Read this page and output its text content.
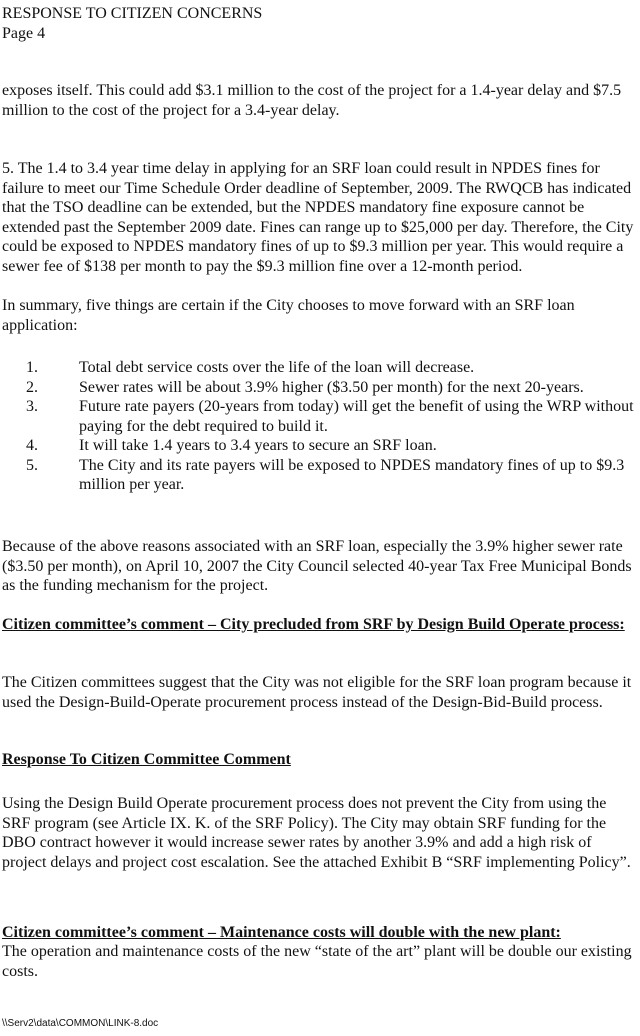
RESPONSE TO CITIZEN CONCERNS
Page 4

exposes itself. This could add $3.1 million to the cost of the project for a 1.4-year delay and $7.5 million to the cost of the project for a 3.4-year delay.

5. The 1.4 to 3.4 year time delay in applying for an SRF loan could result in NPDES fines for failure to meet our Time Schedule Order deadline of September, 2009. The RWQCB has indicated that the TSO deadline can be extended, but the NPDES mandatory fine exposure cannot be extended past the September 2009 date. Fines can range up to $25,000 per day. Therefore, the City could be exposed to NPDES mandatory fines of up to $9.3 million per year. This would require a sewer fee of $138 per month to pay the $9.3 million fine over a 12-month period.

In summary, five things are certain if the City chooses to move forward with an SRF loan application:

1.	Total debt service costs over the life of the loan will decrease.
2.	Sewer rates will be about 3.9% higher ($3.50 per month) for the next 20-years.
3.	Future rate payers (20-years from today) will get the benefit of using the WRP without paying for the debt required to build it.
4.	It will take 1.4 years to 3.4 years to secure an SRF loan.
5.	The City and its rate payers will be exposed to NPDES mandatory fines of up to $9.3 million per year.

Because of the above reasons associated with an SRF loan, especially the 3.9% higher sewer rate ($3.50 per month), on April 10, 2007 the City Council selected 40-year Tax Free Municipal Bonds as the funding mechanism for the project.

Citizen committee’s comment – City precluded from SRF by Design Build Operate process:

The Citizen committees suggest that the City was not eligible for the SRF loan program because it used the Design-Build-Operate procurement process instead of the Design-Bid-Build process.

Response To Citizen Committee Comment

Using the Design Build Operate procurement process does not prevent the City from using the SRF program (see Article IX. K. of the SRF Policy). The City may obtain SRF funding for the DBO contract however it would increase sewer rates by another 3.9% and add a high risk of project delays and project cost escalation. See the attached Exhibit B “SRF implementing Policy”.

Citizen committee’s comment – Maintenance costs will double with the new plant:

The operation and maintenance costs of the new “state of the art” plant will be double our existing costs.

\\Serv2\data\COMMON\LINK-8.doc
